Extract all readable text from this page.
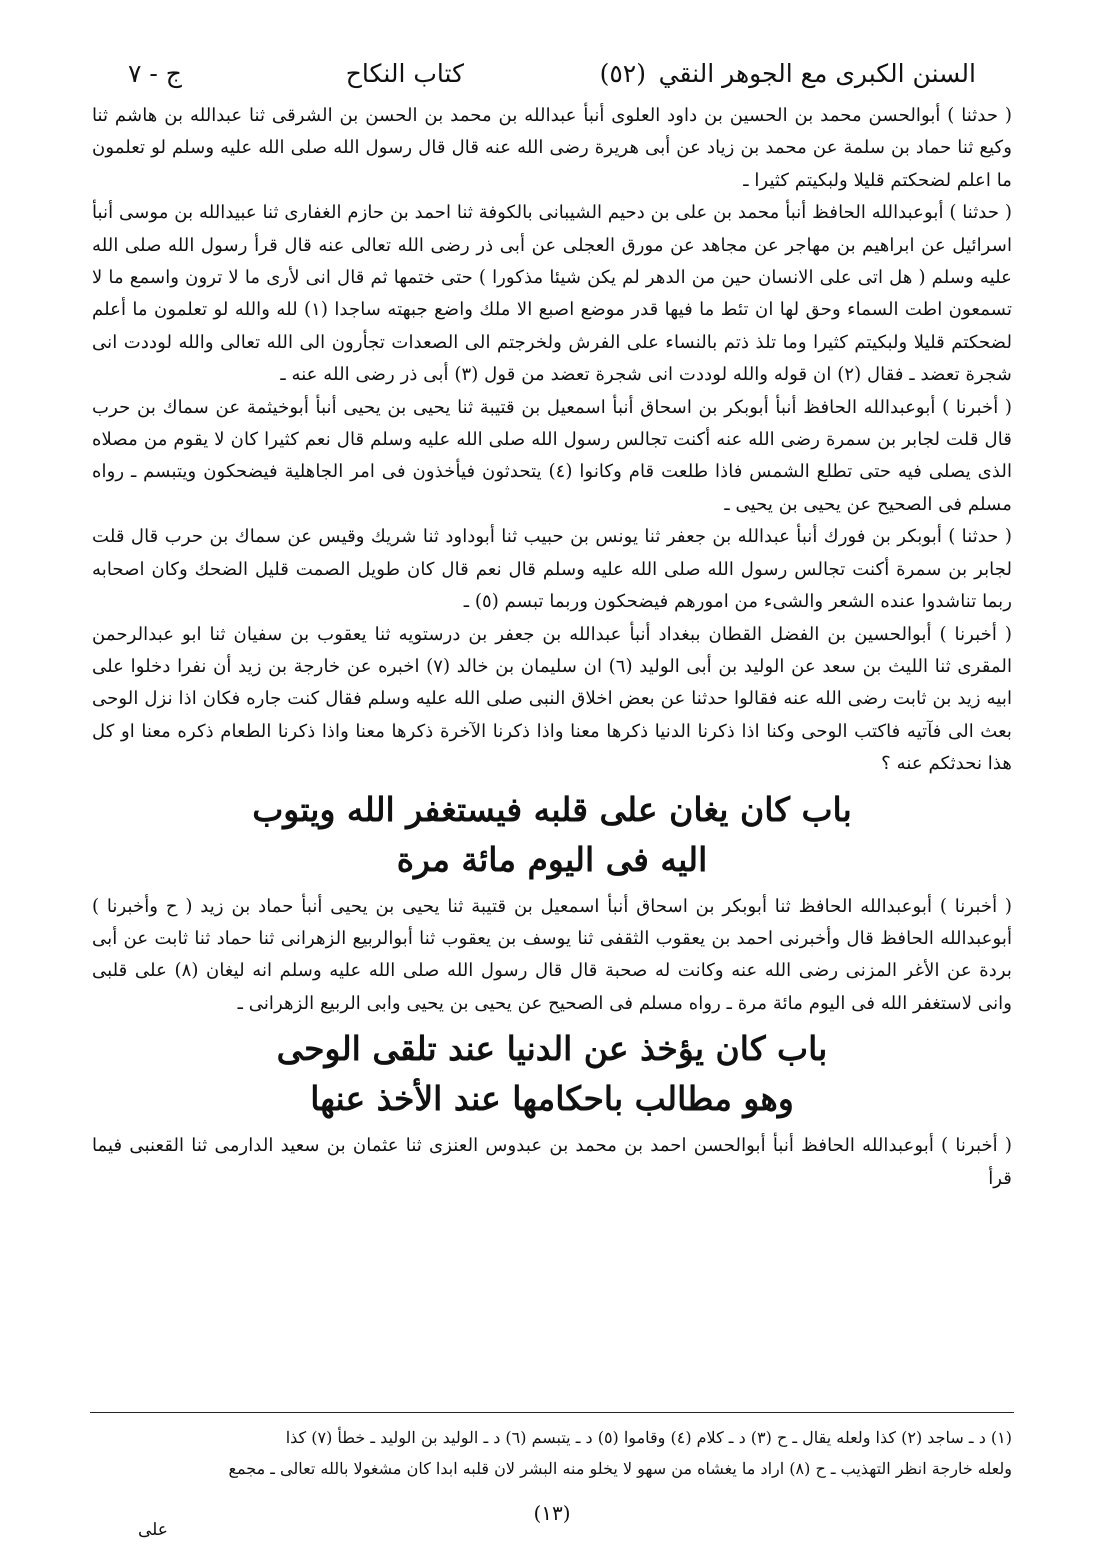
السنن الكبرى مع الجوهر النقي
(٥٢)
كتاب النكاح
ج - ٧

( حدثنا ) أبوالحسن محمد بن الحسين بن داود العلوی أنبأ عبدالله بن محمد بن الحسن بن الشرقی ثنا عبدالله بن هاشم ثنا وكیع ثنا حماد بن سلمة عن محمد بن زیاد عن أبی هریرة رضی الله عنه قال قال رسول الله صلی الله علیه وسلم لو تعلمون ما اعلم لضحكتم قلیلا ولبكیتم كثیرا ـ

( حدثنا ) أبوعبدالله الحافظ أنبأ محمد بن علی بن دحیم الشیبانی بالكوفة ثنا احمد بن حازم الغفاری ثنا عبیدالله بن موسی أنبأ اسرائیل عن ابراهیم بن مهاجر عن مجاهد عن مورق العجلی عن أبی ذر رضی الله تعالی عنه قال قرأ رسول الله صلی الله علیه وسلم ( هل اتی علی الانسان حین من الدهر لم یكن شیئا مذكورا ) حتی ختمها ثم قال انی لأری ما لا ترون واسمع ما لا تسمعون اطت السماء وحق لها ان تئط ما فیها قدر موضع اصبع الا ملك واضع جبهته ساجدا (١) لله والله لو تعلمون ما أعلم لضحكتم قلیلا ولبكیتم كثیرا وما تلذ ذتم بالنساء علی الفرش ولخرجتم الی الصعدات تجأرون الی الله تعالی والله لوددت انی شجرة تعضد ـ فقال (٢) ان قوله والله لوددت انی شجرة تعضد من قول (٣) أبی ذر رضی الله عنه ـ

( أخبرنا ) أبوعبدالله الحافظ أنبأ أبوبكر بن اسحاق أنبأ اسمعیل بن قتیبة ثنا یحیی بن یحیی أنبأ أبوخیثمة عن سماك بن حرب قال قلت لجابر بن سمرة رضی الله عنه أكنت تجالس رسول الله صلی الله علیه وسلم قال نعم كثیرا كان لا یقوم من مصلاه الذی یصلی فیه حتی تطلع الشمس فاذا طلعت قام وكانوا (٤) یتحدثون فیأخذون فی امر الجاهلیة فیضحكون ویتبسم ـ رواه مسلم فی الصحیح عن یحیی بن یحیی ـ

( حدثنا ) أبوبكر بن فورك أنبأ عبدالله بن جعفر ثنا یونس بن حبیب ثنا أبوداود ثنا شریك وقیس عن سماك بن حرب قال قلت لجابر بن سمرة أكنت تجالس رسول الله صلی الله علیه وسلم قال نعم قال كان طویل الصمت قلیل الضحك وكان اصحابه ربما تناشدوا عنده الشعر والشیء من امورهم فیضحكون وربما تبسم (٥) ـ

( أخبرنا ) أبوالحسین بن الفضل القطان ببغداد أنبأ عبدالله بن جعفر بن درستویه ثنا یعقوب بن سفیان ثنا ابو عبدالرحمن المقری ثنا اللیث بن سعد عن الولید بن أبی الولید (٦) ان سلیمان بن خالد (٧) اخبره عن خارجة بن زید أن نفرا دخلوا علی ابیه زید بن ثابت رضی الله عنه فقالوا حدثنا عن بعض اخلاق النبی صلی الله علیه وسلم فقال كنت جاره فكان اذا نزل الوحی بعث الی فآتیه فاكتب الوحی وكنا اذا ذكرنا الدنیا ذكرها معنا واذا ذكرنا الآخرة ذكرها معنا واذا ذكرنا الطعام ذكره معنا او كل هذا نحدثكم عنه ؟

باب كان یغان علی قلبه فیستغفر الله ویتوب
الیه فی الیوم مائة مرة

( أخبرنا ) أبوعبدالله الحافظ ثنا أبوبكر بن اسحاق أنبأ اسمعیل بن قتیبة ثنا یحیی بن یحیی أنبأ حماد بن زید ( ح وأخبرنا ) أبوعبدالله الحافظ قال وأخبرنی احمد بن یعقوب الثقفی ثنا یوسف بن یعقوب ثنا أبوالربیع الزهرانی ثنا حماد ثنا ثابت عن أبی بردة عن الأغر المزنی رضی الله عنه وكانت له صحبة قال قال رسول الله صلی الله علیه وسلم انه لیغان (٨) علی قلبی وانی لاستغفر الله فی الیوم مائة مرة ـ رواه مسلم فی الصحیح عن یحیی بن یحیی وابی الربیع الزهرانی ـ

باب كان یؤخذ عن الدنیا عند تلقی الوحی
وهو مطالب باحكامها عند الأخذ عنها

( أخبرنا ) أبوعبدالله الحافظ أنبأ أبوالحسن احمد بن محمد بن عبدوس العنزی ثنا عثمان بن سعید الدارمی ثنا القعنبی فیما قرأ

(١) د ـ ساجد (٢) كذا ولعله یقال ـ ح (٣) د ـ كلام (٤) وقاموا (٥) د ـ یتبسم (٦) د ـ الولید بن الولید ـ خطأ (٧) كذا
ولعله خارجة انظر التهذیب ـ ح (٨) اراد ما یغشاه من سهو لا یخلو منه البشر لان قلبه ابدا كان مشغولا بالله تعالی ـ مجمع
(١٣)
علی
